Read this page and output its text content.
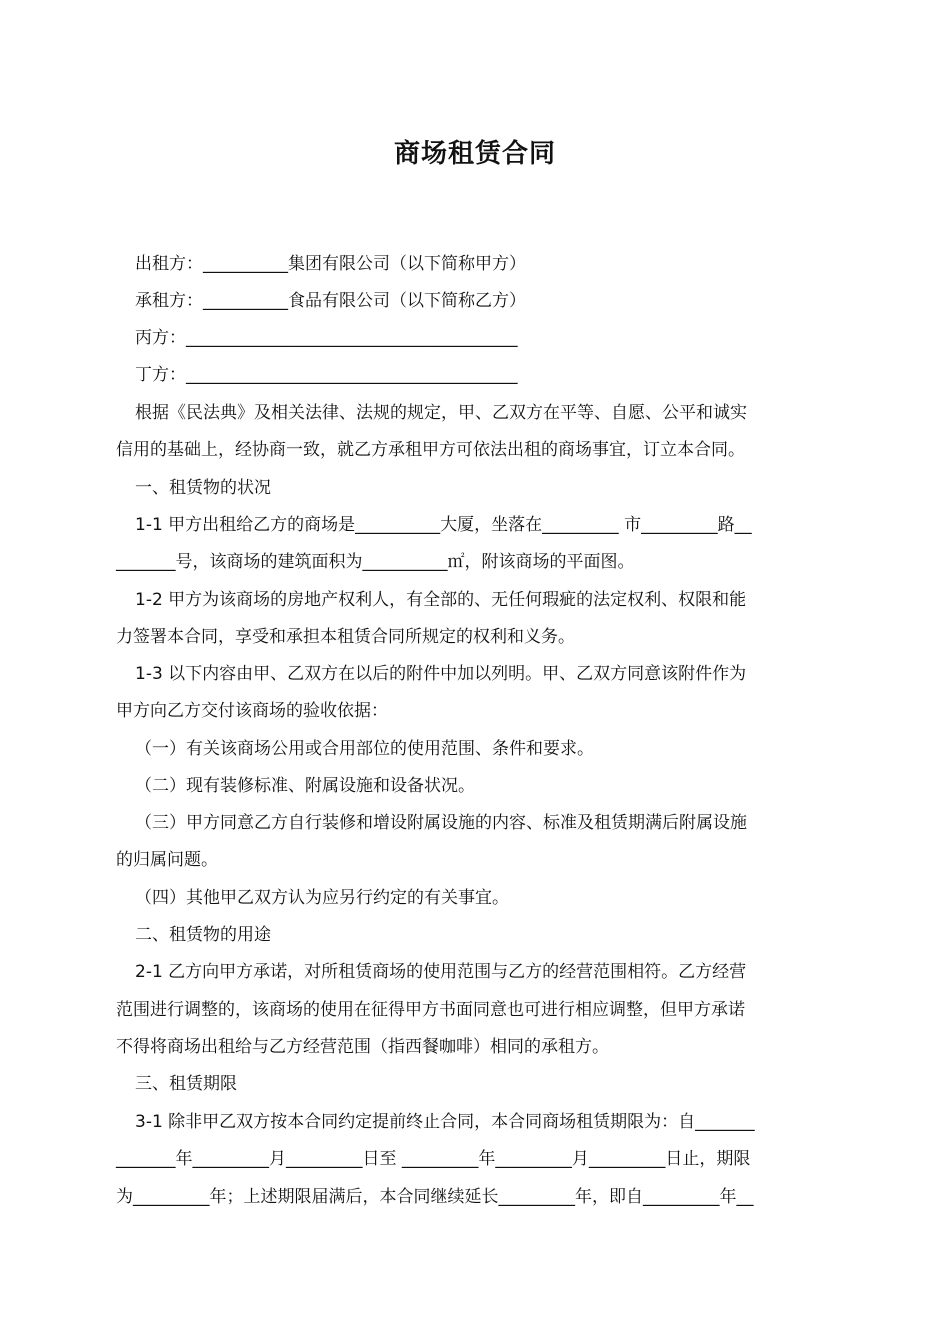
商场租赁合同
出租方：__________集团有限公司（以下简称甲方）
承租方：__________食品有限公司（以下简称乙方）
丙方：_______________________________________
丁方：_______________________________________
根据《民法典》及相关法律、法规的规定，甲、乙双方在平等、自愿、公平和诚实
信用的基础上，经协商一致，就乙方承租甲方可依法出租的商场事宜，订立本合同。
一、租赁物的状况
1-1 甲方出租给乙方的商场是__________大厦，坐落在_________ 市_________路__
_______号，该商场的建筑面积为__________㎡，附该商场的平面图。
1-2 甲方为该商场的房地产权利人，有全部的、无任何瑕疵的法定权利、权限和能
力签署本合同，享受和承担本租赁合同所规定的权利和义务。
1-3 以下内容由甲、乙双方在以后的附件中加以列明。甲、乙双方同意该附件作为
甲方向乙方交付该商场的验收依据：
（一）有关该商场公用或合用部位的使用范围、条件和要求。
（二）现有装修标准、附属设施和设备状况。
（三）甲方同意乙方自行装修和增设附属设施的内容、标准及租赁期满后附属设施
的归属问题。
（四）其他甲乙双方认为应另行约定的有关事宜。
二、租赁物的用途
2-1 乙方向甲方承诺，对所租赁商场的使用范围与乙方的经营范围相符。乙方经营
范围进行调整的，该商场的使用在征得甲方书面同意也可进行相应调整，但甲方承诺
不得将商场出租给与乙方经营范围（指西餐咖啡）相同的承租方。
三、租赁期限
3-1 除非甲乙双方按本合同约定提前终止合同，本合同商场租赁期限为：自_______
_______年_________月_________日至 _________年_________月_________日止，期限
为_________年；上述期限届满后，本合同继续延长_________年，即自_________年__
